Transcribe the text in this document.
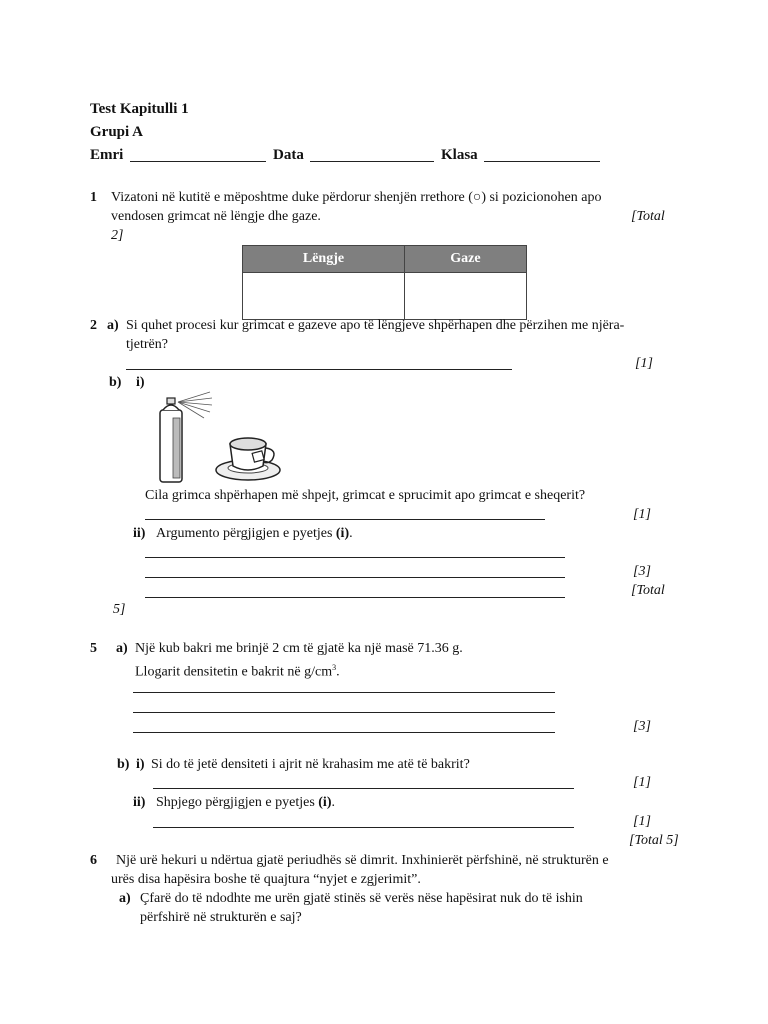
Test Kapitulli 1
Grupi A
Emri	Data	Klasa
1 Vizatoni në kutitë e mëposhtme duke përdorur shenjën rrethore (○) si pozicionohen apo
vendosen grimcat në lëngje dhe gaze.	[Total
2]
Lëngje	Gaze

2 a) Si quhet procesi kur grimcat e gazeve apo të lëngjeve shpërhapen dhe përzihen me njëra-
tjetrën?
[1]
b) i)
Cila grimca shpërhapen më shpejt, grimcat e sprucimit apo grimcat e sheqerit?
[1]
ii) Argumento përgjigjen e pyetjes (i).
[3]
[Total
5]
5 a) Një kub bakri me brinjë 2 cm të gjatë ka një masë 71.36 g.
Llogarit densitetin e bakrit në $g/cm^3$.
[3]
b) i) Si do të jetë densiteti i ajrit në krahasim me atë të bakrit?
[1]
ii) Shpjego përgjigjen e pyetjes (i).
[1]
[Total 5]
6 Një urë hekuri u ndërtua gjatë periudhës së dimrit. Inxhinierët përfshinë, në strukturën e
urës disa hapësira boshe të quajtura “nyjet e zgjerimit”.
a) Çfarë do të ndodhte me urën gjatë stinës së verës nëse hapësirat nuk do të ishin
përfshirë në strukturën e saj?
